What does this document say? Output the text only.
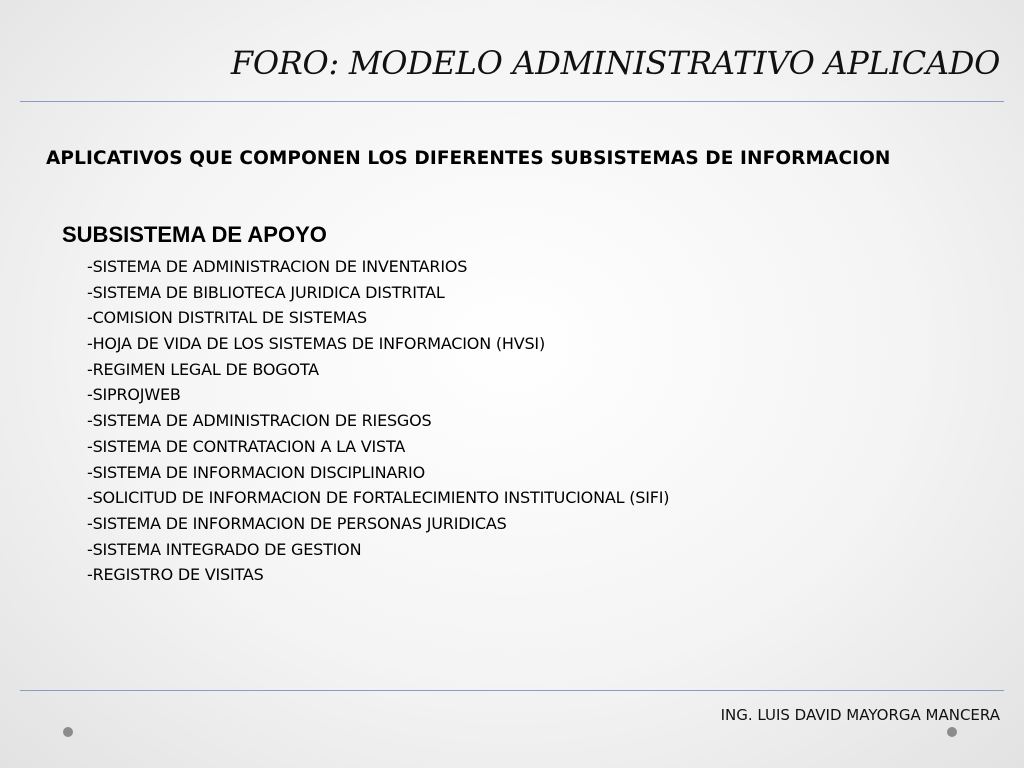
FORO: MODELO ADMINISTRATIVO APLICADO
APLICATIVOS QUE COMPONEN LOS DIFERENTES SUBSISTEMAS DE INFORMACION
SUBSISTEMA DE APOYO
-SISTEMA DE ADMINISTRACION DE INVENTARIOS
-SISTEMA DE BIBLIOTECA JURIDICA DISTRITAL
-COMISION DISTRITAL DE SISTEMAS
-HOJA DE VIDA DE LOS SISTEMAS DE INFORMACION (HVSI)
-REGIMEN LEGAL DE BOGOTA
-SIPROJWEB
-SISTEMA DE ADMINISTRACION DE RIESGOS
-SISTEMA DE CONTRATACION A LA VISTA
-SISTEMA DE INFORMACION DISCIPLINARIO
-SOLICITUD DE INFORMACION DE FORTALECIMIENTO INSTITUCIONAL (SIFI)
-SISTEMA DE INFORMACION DE PERSONAS JURIDICAS
-SISTEMA INTEGRADO DE GESTION
-REGISTRO DE VISITAS

ING. LUIS DAVID MAYORGA MANCERA
